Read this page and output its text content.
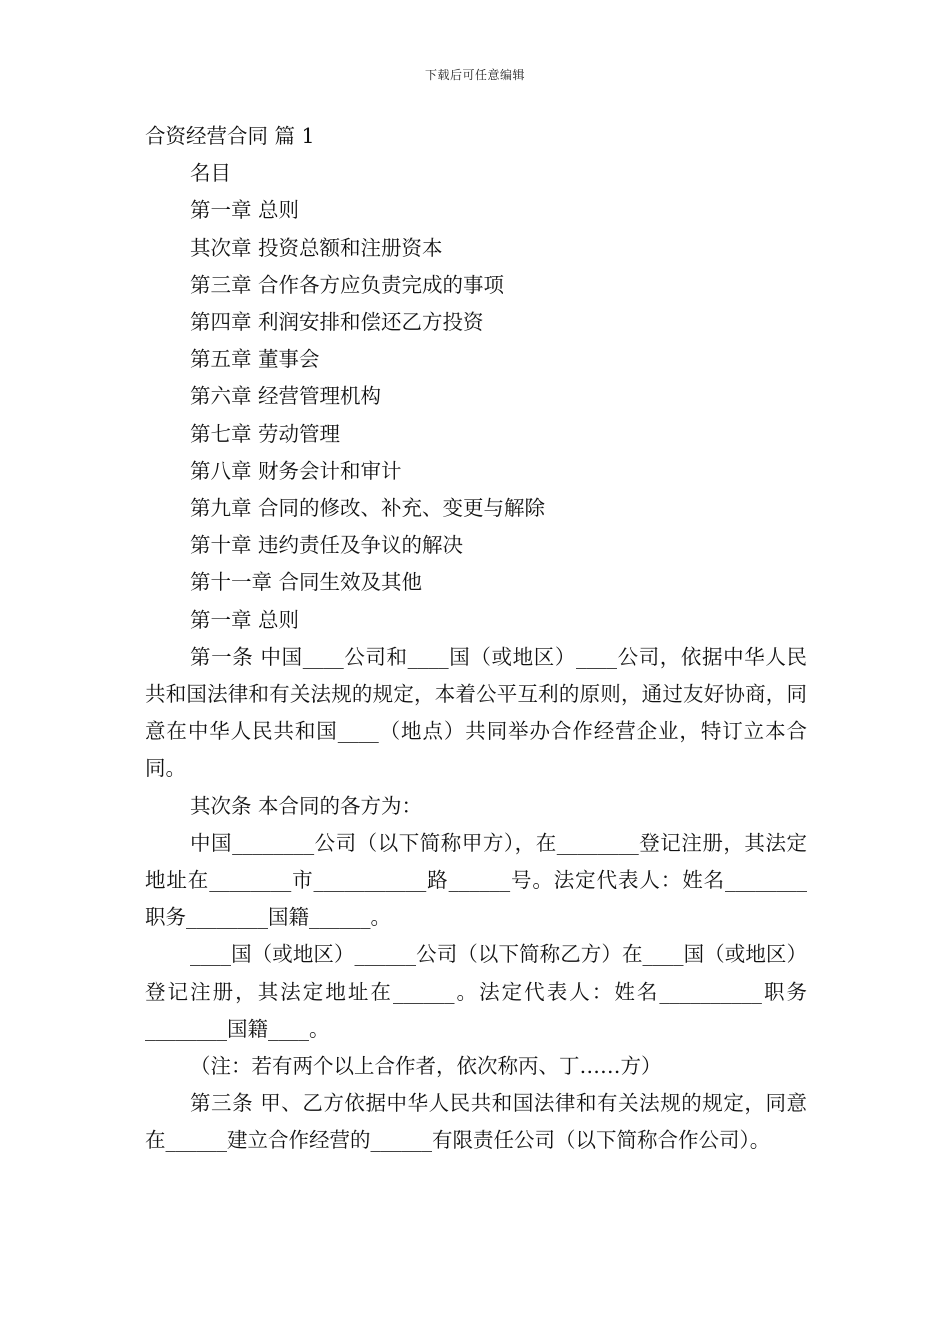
下载后可任意编辑

合资经营合同 篇 1

名目

第一章 总则

其次章 投资总额和注册资本

第三章 合作各方应负责完成的事项

第四章 利润安排和偿还乙方投资

第五章 董事会

第六章 经营管理机构

第七章 劳动管理

第八章 财务会计和审计

第九章 合同的修改、补充、变更与解除

第十章 违约责任及争议的解决

第十一章 合同生效及其他

第一章 总则

第一条 中国____公司和____国（或地区）____公司，依据中华人民共和国法律和有关法规的规定，本着公平互利的原则，通过友好协商，同意在中华人民共和国____（地点）共同举办合作经营企业，特订立本合同。

其次条 本合同的各方为：

中国________公司（以下简称甲方），在________登记注册，其法定地址在________市___________路______号。法定代表人：姓名________职务________国籍______。

____国（或地区）______公司（以下简称乙方）在____国（或地区）登记注册，其法定地址在______。法定代表人：姓名__________职务________国籍____。

（注：若有两个以上合作者，依次称丙、丁……方）

第三条 甲、乙方依据中华人民共和国法律和有关法规的规定，同意在______建立合作经营的______有限责任公司（以下简称合作公司）。
